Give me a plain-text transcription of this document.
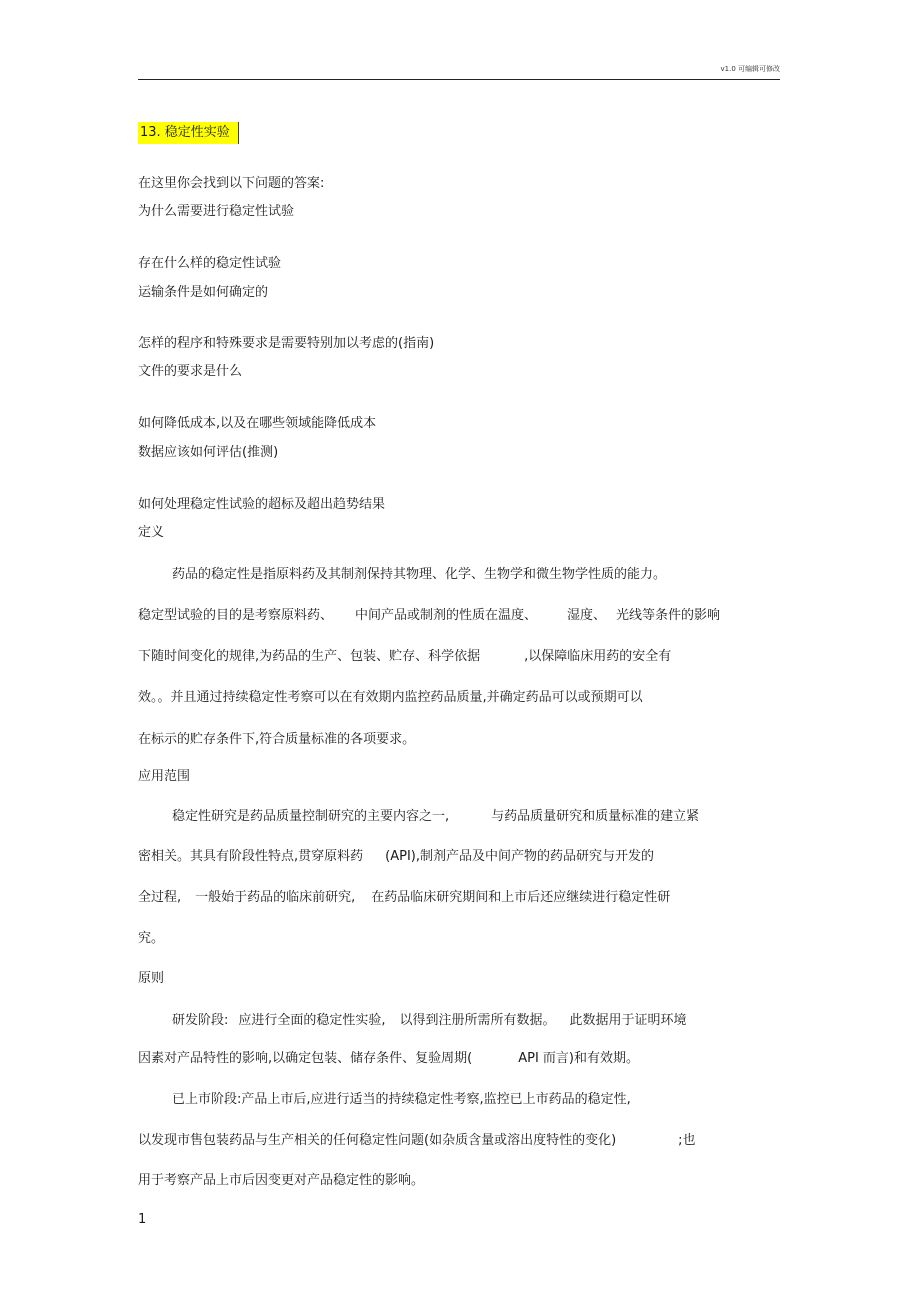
v1.0 可编辑可修改
13. 稳定性实验
在这里你会找到以下问题的答案:
为什么需要进行稳定性试验
存在什么样的稳定性试验
运输条件是如何确定的
怎样的程序和特殊要求是需要特别加以考虑的(指南)
文件的要求是什么
如何降低成本,以及在哪些领域能降低成本
数据应该如何评估(推测)
如何处理稳定性试验的超标及超出趋势结果
定义
药品的稳定性是指原料药及其制剂保持其物理、化学、生物学和微生物学性质的能力。
稳定型试验的目的是考察原料药、 中间产品或制剂的性质在温度、 湿度、 光线等条件的影响
下随时间变化的规律,为药品的生产、包装、贮存、科学依据	,以保障临床用药的安全有
效。。并且通过持续稳定性考察可以在有效期内监控药品质量,并确定药品可以或预期可以
在标示的贮存条件下,符合质量标准的各项要求。
应用范围
稳定性研究是药品质量控制研究的主要内容之一,	与药品质量研究和质量标准的建立紧
密相关。其具有阶段性特点,贯穿原料药 (API),制剂产品及中间产物的药品研究与开发的
全过程, 一般始于药品的临床前研究, 在药品临床研究期间和上市后还应继续进行稳定性研
究。
原则
研发阶段: 应进行全面的稳定性实验, 以得到注册所需所有数据。 此数据用于证明环境
因素对产品特性的影响,以确定包装、储存条件、复验周期(	API 而言)和有效期。
已上市阶段:产品上市后,应进行适当的持续稳定性考察,监控已上市药品的稳定性,
以发现市售包装药品与生产相关的任何稳定性问题(如杂质含量或溶出度特性的变化)	;也
用于考察产品上市后因变更对产品稳定性的影响。
1
